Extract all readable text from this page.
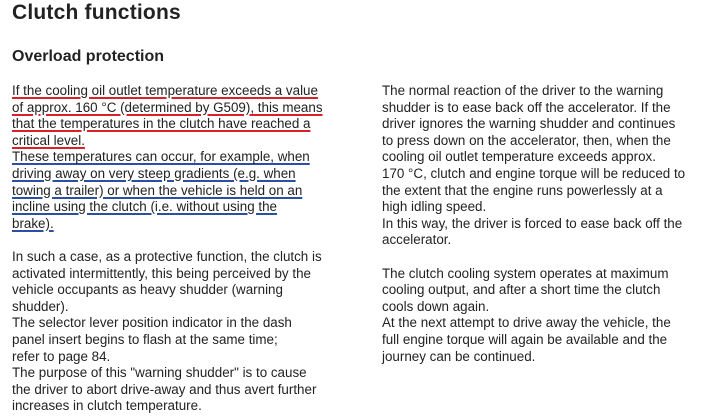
Clutch functions
Overload protection
If the cooling oil outlet temperature exceeds a value
of approx. 160 °C (determined by G509), this means
that the temperatures in the clutch have reached a
critical level.
These temperatures can occur, for example, when
driving away on very steep gradients (e.g. when
towing a trailer) or when the vehicle is held on an
incline using the clutch (i.e. without using the
brake).
In such a case, as a protective function, the clutch is
activated intermittently, this being perceived by the
vehicle occupants as heavy shudder (warning
shudder).
The selector lever position indicator in the dash
panel insert begins to flash at the same time;
refer to page 84.
The purpose of this "warning shudder" is to cause
the driver to abort drive-away and thus avert further
increases in clutch temperature.
The normal reaction of the driver to the warning
shudder is to ease back off the accelerator. If the
driver ignores the warning shudder and continues
to press down on the accelerator, then, when the
cooling oil outlet temperature exceeds approx.
170 °C, clutch and engine torque will be reduced to
the extent that the engine runs powerlessly at a
high idling speed.
In this way, the driver is forced to ease back off the
accelerator.
The clutch cooling system operates at maximum
cooling output, and after a short time the clutch
cools down again.
At the next attempt to drive away the vehicle, the
full engine torque will again be available and the
journey can be continued.
